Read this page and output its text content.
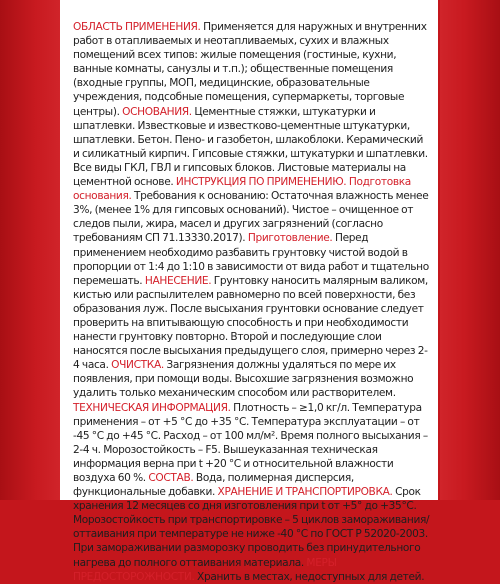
ОБЛАСТЬ ПРИМЕНЕНИЯ. Применяется для наружных и внутренних работ в отапливаемых и неотапливаемых, сухих и влажных помещений всех типов: жилые помещения (гостиные, кухни, ванные комнаты, санузлы и т.п.); общественные помещения (входные группы, МОП, медицинские, образовательные учреждения, подсобные помещения, супермаркеты, торговые центры). ОСНОВАНИЯ. Цементные стяжки, штукатурки и шпатлевки. Известковые и известково-цементные штукатурки, шпатлевки. Бетон. Пено- и газобетон, шлакоблоки. Керамический и силикатный кирпич. Гипсовые стяжки, штукатурки и шпатлевки. Все виды ГКЛ, ГВЛ и гипсовых блоков. Листовые материалы на цементной основе. ИНСТРУКЦИЯ ПО ПРИМЕНЕНИЮ. Подготовка основания. Требования к основанию: Остаточная влажность менее 3%, (менее 1% для гипсовых оснований). Чистое – очищенное от следов пыли, жира, масел и других загрязнений (согласно требованиям СП 71.13330.2017). Приготовление. Перед применением необходимо разбавить грунтовку чистой водой в пропорции от 1:4 до 1:10 в зависимости от вида работ и тщательно перемешать. НАНЕСЕНИЕ. Грунтовку наносить малярным валиком, кистью или распылителем равномерно по всей поверхности, без образования луж. После высыхания грунтовки основание следует проверить на впитывающую способность и при необходимости нанести грунтовку повторно. Второй и последующие слои наносятся после высыхания предыдущего слоя, примерно через 2-4 часа. ОЧИСТКА. Загрязнения должны удаляться по мере их появления, при помощи воды. Высохшие загрязнения возможно удалить только механическим способом или растворителем. ТЕХНИЧЕСКАЯ ИНФОРМАЦИЯ. Плотность – ≥1,0 кг/л. Температура применения – от +5 °С до +35 °С. Температура эксплуатации – от -45 °С до +45 °С. Расход – от 100 мл/м². Время полного высыхания – 2-4 ч. Морозостойкость – F5. Вышеуказанная техническая информация верна при t +20 °С и относительной влажности воздуха 60 %. СОСТАВ. Вода, полимерная дисперсия, функциональные добавки. ХРАНЕНИЕ И ТРАНСПОРТИРОВКА. Срок хранения 12 месяцев со дня изготовления при t от +5° до +35°С. Морозостойкость при транспортировке – 5 циклов замораживания/оттаивания при температуре не ниже -40 °С по ГОСТ Р 52020-2003. При замораживании разморозку проводить без принудительного нагрева до полного оттаивания материала. МЕРЫ ПРЕДОСТОРОЖНОСТИ. Хранить в местах, недоступных для детей.
